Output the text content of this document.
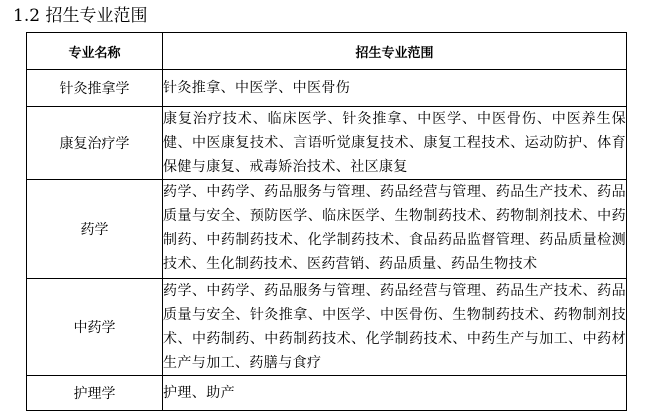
1.2 招生专业范围
专业名称	招生专业范围
针灸推拿学	针灸推拿、中医学、中医骨伤
康复治疗学	康复治疗技术、临床医学、针灸推拿、中医学、中医骨伤、中医养生保健、中医康复技术、言语听觉康复技术、康复工程技术、运动防护、体育保健与康复、戒毒矫治技术、社区康复
药学	药学、中药学、药品服务与管理、药品经营与管理、药品生产技术、药品质量与安全、预防医学、临床医学、生物制药技术、药物制剂技术、中药制药、中药制药技术、化学制药技术、食品药品监督管理、药品质量检测技术、生化制药技术、医药营销、药品质量、药品生物技术
中药学	药学、中药学、药品服务与管理、药品经营与管理、药品生产技术、药品质量与安全、针灸推拿、中医学、中医骨伤、生物制药技术、药物制剂技术、中药制药、中药制药技术、化学制药技术、中药生产与加工、中药材生产与加工、药膳与食疗
护理学	护理、助产
